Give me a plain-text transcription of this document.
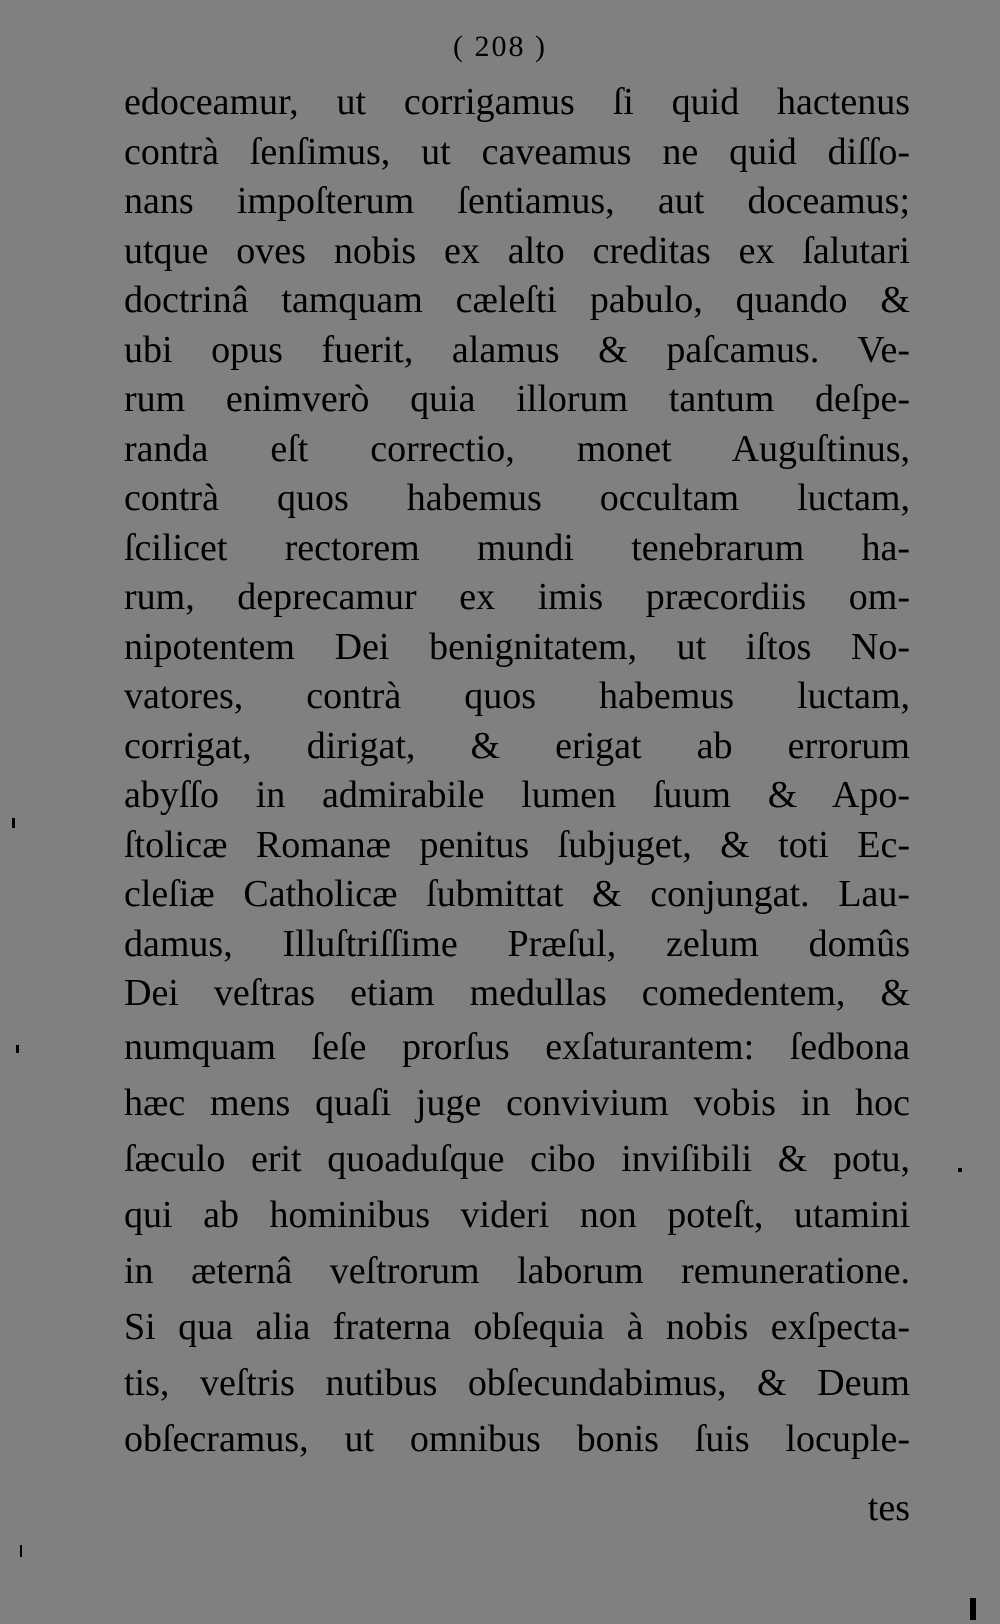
( 208 )
edoceamur, ut corrigamus ſi quid hactenus
contrà ſenſimus, ut caveamus ne quid diſſo-
nans impoſterum ſentiamus, aut doceamus;
utque oves nobis ex alto creditas ex ſalutari
doctrinâ tamquam cæleſti pabulo, quando &
ubi opus fuerit, alamus & paſcamus. Ve-
rum enimverò quia illorum tantum deſpe-
randa eſt correctio, monet Auguſtinus,
contrà quos habemus occultam luctam,
ſcilicet rectorem mundi tenebrarum ha-
rum, deprecamur ex imis præcordiis om-
nipotentem Dei benignitatem, ut iſtos No-
vatores, contrà quos habemus luctam,
corrigat, dirigat, & erigat ab errorum
abyſſo in admirabile lumen ſuum & Apo-
ſtolicæ Romanæ penitus ſubjuget, & toti Ec-
cleſiæ Catholicæ ſubmittat & conjungat. Lau-
damus, Illuſtriſſime Præſul, zelum domûs
Dei veſtras etiam medullas comedentem, &
numquam ſeſe prorſus exſaturantem: ſedbona
hæc mens quaſi juge convivium vobis in hoc
ſæculo erit quoaduſque cibo inviſibili & potu,
qui ab hominibus videri non poteſt, utamini
in æternâ veſtrorum laborum remuneratione.
Si qua alia fraterna obſequia à nobis exſpecta-
tis, veſtris nutibus obſecundabimus, & Deum
obſecramus, ut omnibus bonis ſuis locuple-
tes
